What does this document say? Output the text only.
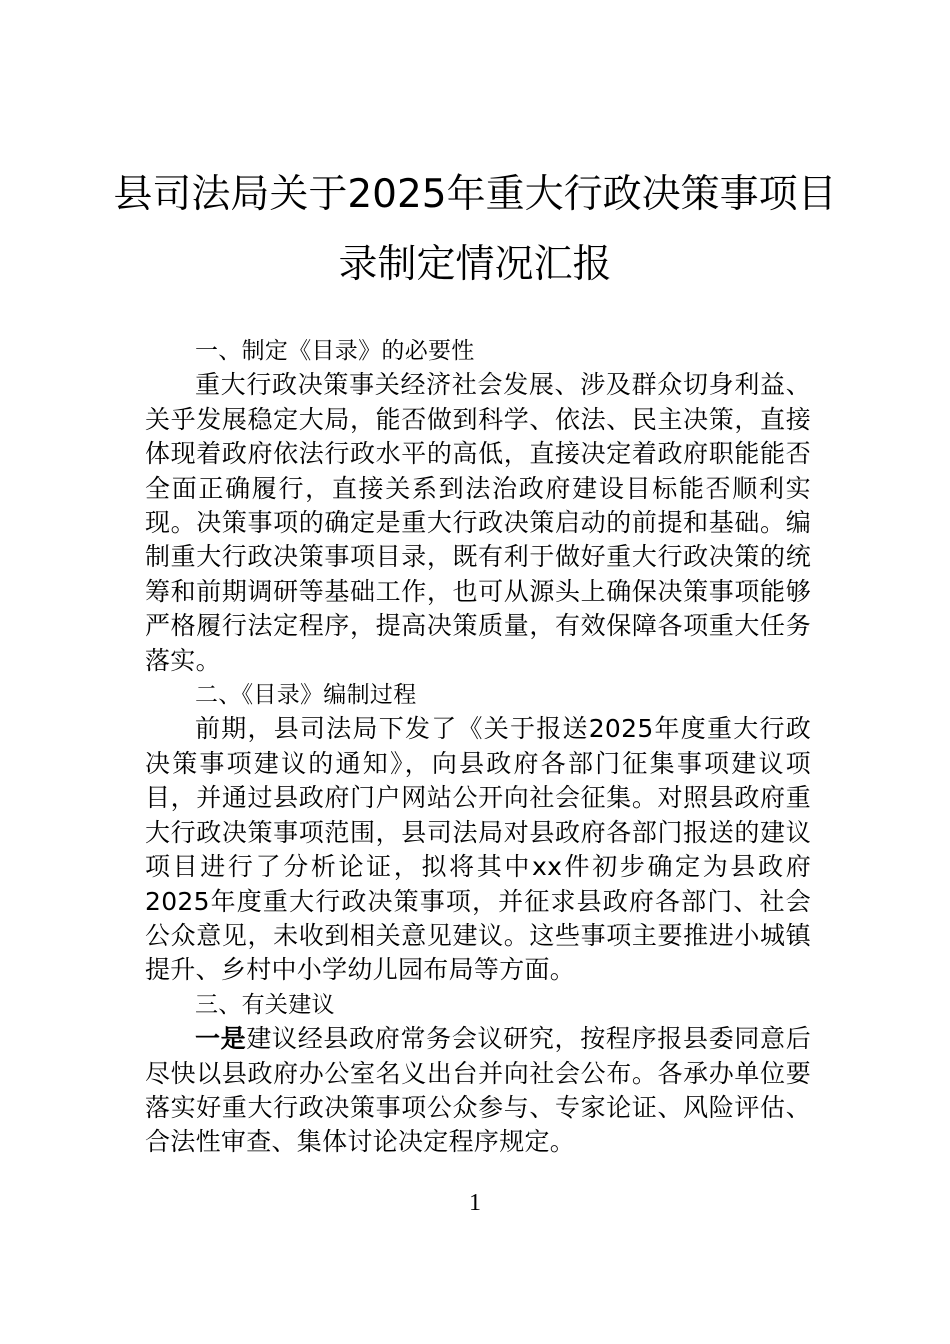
县司法局关于2025年重大行政决策事项目
录制定情况汇报

一、制定《目录》的必要性

重大行政决策事关经济社会发展、涉及群众切身利益、关乎发展稳定大局，能否做到科学、依法、民主决策，直接体现着政府依法行政水平的高低，直接决定着政府职能能否全面正确履行，直接关系到法治政府建设目标能否顺利实现。决策事项的确定是重大行政决策启动的前提和基础。编制重大行政决策事项目录，既有利于做好重大行政决策的统筹和前期调研等基础工作，也可从源头上确保决策事项能够严格履行法定程序，提高决策质量，有效保障各项重大任务落实。

二、《目录》编制过程

前期，县司法局下发了《关于报送2025年度重大行政决策事项建议的通知》，向县政府各部门征集事项建议项目，并通过县政府门户网站公开向社会征集。对照县政府重大行政决策事项范围，县司法局对县政府各部门报送的建议项目进行了分析论证，拟将其中xx件初步确定为县政府2025年度重大行政决策事项，并征求县政府各部门、社会公众意见，未收到相关意见建议。这些事项主要推进小城镇提升、乡村中小学幼儿园布局等方面。

三、有关建议

一是建议经县政府常务会议研究，按程序报县委同意后尽快以县政府办公室名义出台并向社会公布。各承办单位要落实好重大行政决策事项公众参与、专家论证、风险评估、合法性审查、集体讨论决定程序规定。

1
